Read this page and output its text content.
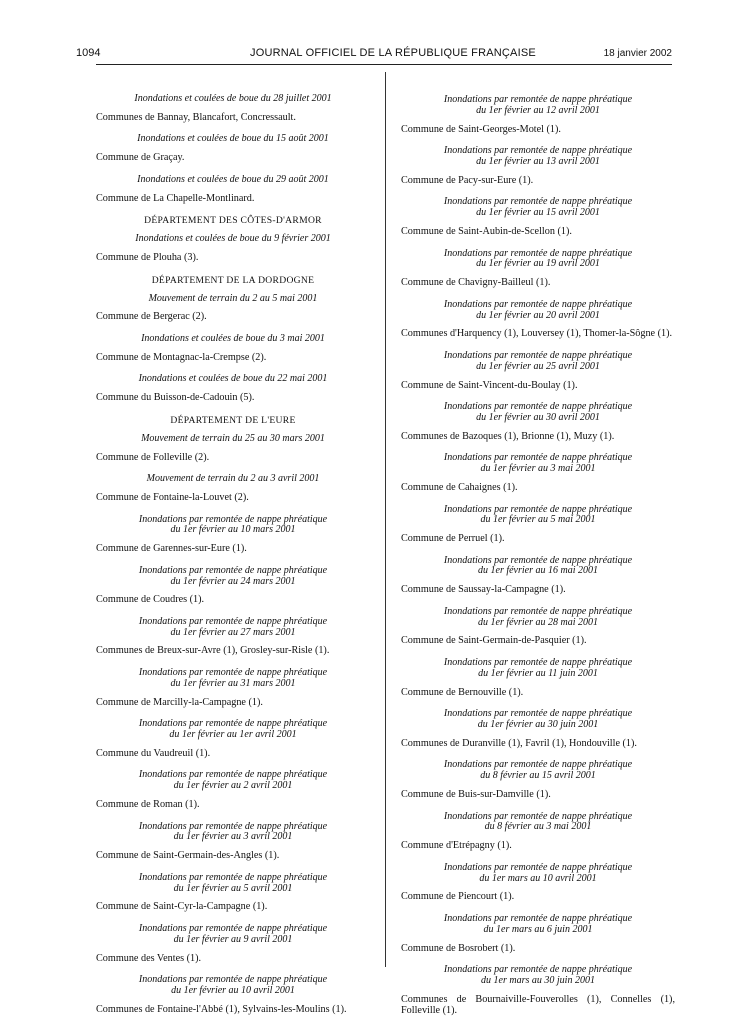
1094	JOURNAL OFFICIEL DE LA RÉPUBLIQUE FRANÇAISE	18 janvier 2002
Inondations et coulées de boue du 28 juillet 2001
Communes de Bannay, Blancafort, Concressault.
Inondations et coulées de boue du 15 août 2001
Commune de Graçay.
Inondations et coulées de boue du 29 août 2001
Commune de La Chapelle-Montlinard.
DÉPARTEMENT DES CÔTES-D'ARMOR
Inondations et coulées de boue du 9 février 2001
Commune de Plouha (3).
DÉPARTEMENT DE LA DORDOGNE
Mouvement de terrain du 2 au 5 mai 2001
Commune de Bergerac (2).
Inondations et coulées de boue du 3 mai 2001
Commune de Montagnac-la-Crempse (2).
Inondations et coulées de boue du 22 mai 2001
Commune du Buisson-de-Cadouin (5).
DÉPARTEMENT DE L'EURE
Mouvement de terrain du 25 au 30 mars 2001
Commune de Folleville (2).
Mouvement de terrain du 2 au 3 avril 2001
Commune de Fontaine-la-Louvet (2).
Inondations par remontée de nappe phréatique
du 1er février au 10 mars 2001
Commune de Garennes-sur-Eure (1).
Inondations par remontée de nappe phréatique
du 1er février au 24 mars 2001
Commune de Coudres (1).
Inondations par remontée de nappe phréatique
du 1er février au 27 mars 2001
Communes de Breux-sur-Avre (1), Grosley-sur-Risle (1).
Inondations par remontée de nappe phréatique
du 1er février au 31 mars 2001
Commune de Marcilly-la-Campagne (1).
Inondations par remontée de nappe phréatique
du 1er février au 1er avril 2001
Commune du Vaudreuil (1).
Inondations par remontée de nappe phréatique
du 1er février au 2 avril 2001
Commune de Roman (1).
Inondations par remontée de nappe phréatique
du 1er février au 3 avril 2001
Commune de Saint-Germain-des-Angles (1).
Inondations par remontée de nappe phréatique
du 1er février au 5 avril 2001
Commune de Saint-Cyr-la-Campagne (1).
Inondations par remontée de nappe phréatique
du 1er février au 9 avril 2001
Commune des Ventes (1).
Inondations par remontée de nappe phréatique
du 1er février au 10 avril 2001
Communes de Fontaine-l'Abbé (1), Sylvains-les-Moulins (1).
Inondations par remontée de nappe phréatique
du 1er février au 12 avril 2001
Commune de Saint-Georges-Motel (1).
Inondations par remontée de nappe phréatique
du 1er février au 13 avril 2001
Commune de Pacy-sur-Eure (1).
Inondations par remontée de nappe phréatique
du 1er février au 15 avril 2001
Commune de Saint-Aubin-de-Scellon (1).
Inondations par remontée de nappe phréatique
du 1er février au 19 avril 2001
Commune de Chavigny-Bailleul (1).
Inondations par remontée de nappe phréatique
du 1er février au 20 avril 2001
Communes d'Harquency (1), Louversey (1), Thomer-la-Sôgne (1).
Inondations par remontée de nappe phréatique
du 1er février au 25 avril 2001
Commune de Saint-Vincent-du-Boulay (1).
Inondations par remontée de nappe phréatique
du 1er février au 30 avril 2001
Communes de Bazoques (1), Brionne (1), Muzy (1).
Inondations par remontée de nappe phréatique
du 1er février au 3 mai 2001
Commune de Cahaignes (1).
Inondations par remontée de nappe phréatique
du 1er février au 5 mai 2001
Commune de Perruel (1).
Inondations par remontée de nappe phréatique
du 1er février au 16 mai 2001
Commune de Saussay-la-Campagne (1).
Inondations par remontée de nappe phréatique
du 1er février au 28 mai 2001
Commune de Saint-Germain-de-Pasquier (1).
Inondations par remontée de nappe phréatique
du 1er février au 11 juin 2001
Commune de Bernouville (1).
Inondations par remontée de nappe phréatique
du 1er février au 30 juin 2001
Communes de Duranville (1), Favril (1), Hondouville (1).
Inondations par remontée de nappe phréatique
du 8 février au 15 avril 2001
Commune de Buis-sur-Damville (1).
Inondations par remontée de nappe phréatique
du 8 février au 3 mai 2001
Commune d'Etrépagny (1).
Inondations par remontée de nappe phréatique
du 1er mars au 10 avril 2001
Commune de Piencourt (1).
Inondations par remontée de nappe phréatique
du 1er mars au 6 juin 2001
Commune de Bosrobert (1).
Inondations par remontée de nappe phréatique
du 1er mars au 30 juin 2001
Communes de Bournaiville-Fouverolles (1), Connelles (1), Folleville (1).
